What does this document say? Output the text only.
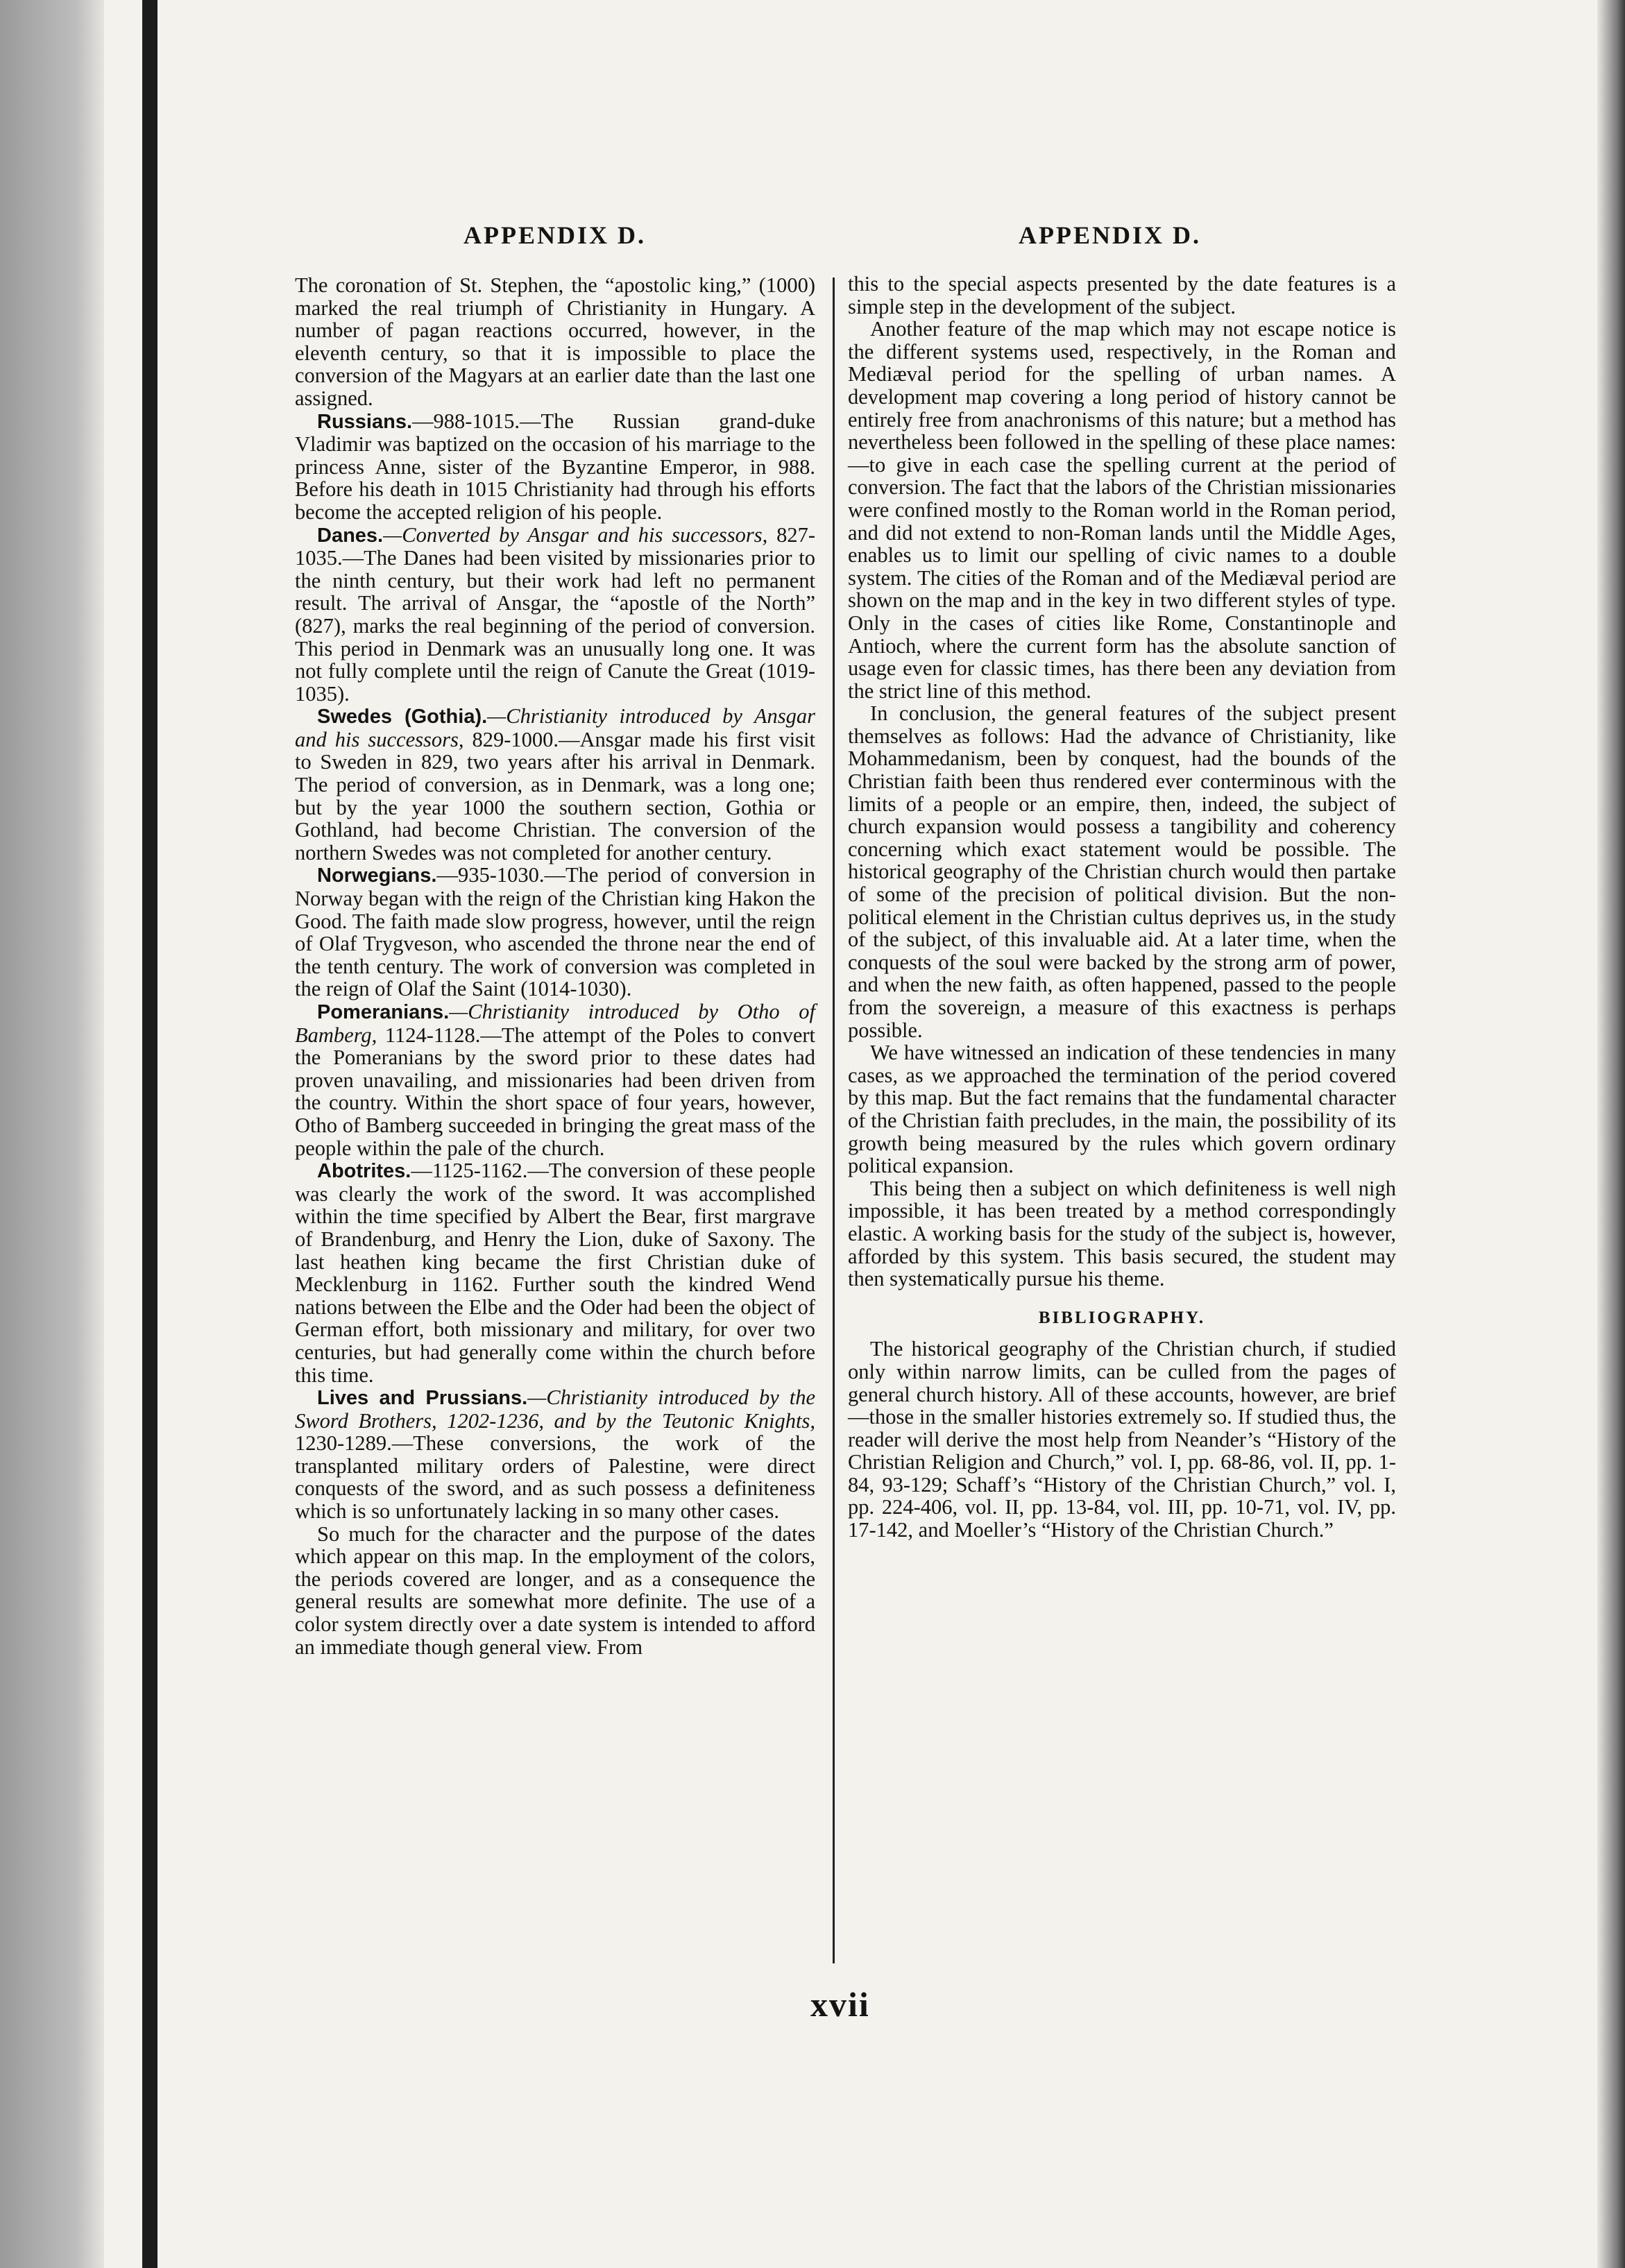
APPENDIX D.	APPENDIX D.

The coronation of St. Stephen, the “apostolic king,” (1000) marked the real triumph of Christianity in Hungary. A number of pagan reactions occurred, however, in the eleventh century, so that it is impossible to place the conversion of the Magyars at an earlier date than the last one assigned.

Russians.—988-1015.—The Russian grand-duke Vladimir was baptized on the occasion of his marriage to the princess Anne, sister of the Byzantine Emperor, in 988. Before his death in 1015 Christianity had through his efforts become the accepted religion of his people.

Danes.—Converted by Ansgar and his successors, 827-1035.—The Danes had been visited by missionaries prior to the ninth century, but their work had left no permanent result. The arrival of Ansgar, the “apostle of the North” (827), marks the real beginning of the period of conversion. This period in Denmark was an unusually long one. It was not fully complete until the reign of Canute the Great (1019-1035).

Swedes (Gothia).—Christianity introduced by Ansgar and his successors, 829-1000.—Ansgar made his first visit to Sweden in 829, two years after his arrival in Denmark. The period of conversion, as in Denmark, was a long one; but by the year 1000 the southern section, Gothia or Gothland, had become Christian. The conversion of the northern Swedes was not completed for another century.

Norwegians.—935-1030.—The period of conversion in Norway began with the reign of the Christian king Hakon the Good. The faith made slow progress, however, until the reign of Olaf Trygveson, who ascended the throne near the end of the tenth century. The work of conversion was completed in the reign of Olaf the Saint (1014-1030).

Pomeranians.—Christianity introduced by Otho of Bamberg, 1124-1128.—The attempt of the Poles to convert the Pomeranians by the sword prior to these dates had proven unavailing, and missionaries had been driven from the country. Within the short space of four years, however, Otho of Bamberg succeeded in bringing the great mass of the people within the pale of the church.

Abotrites.—1125-1162.—The conversion of these people was clearly the work of the sword. It was accomplished within the time specified by Albert the Bear, first margrave of Brandenburg, and Henry the Lion, duke of Saxony. The last heathen king became the first Christian duke of Mecklenburg in 1162. Further south the kindred Wend nations between the Elbe and the Oder had been the object of German effort, both missionary and military, for over two centuries, but had generally come within the church before this time.

Lives and Prussians.—Christianity introduced by the Sword Brothers, 1202-1236, and by the Teutonic Knights, 1230-1289.—These conversions, the work of the transplanted military orders of Palestine, were direct conquests of the sword, and as such possess a definiteness which is so unfortunately lacking in so many other cases.

So much for the character and the purpose of the dates which appear on this map. In the employment of the colors, the periods covered are longer, and as a consequence the general results are somewhat more definite. The use of a color system directly over a date system is intended to afford an immediate though general view. From

this to the special aspects presented by the date features is a simple step in the development of the subject.

Another feature of the map which may not escape notice is the different systems used, respectively, in the Roman and Mediæval period for the spelling of urban names. A development map covering a long period of history cannot be entirely free from anachronisms of this nature; but a method has nevertheless been followed in the spelling of these place names:—to give in each case the spelling current at the period of conversion. The fact that the labors of the Christian missionaries were confined mostly to the Roman world in the Roman period, and did not extend to non-Roman lands until the Middle Ages, enables us to limit our spelling of civic names to a double system. The cities of the Roman and of the Mediæval period are shown on the map and in the key in two different styles of type. Only in the cases of cities like Rome, Constantinople and Antioch, where the current form has the absolute sanction of usage even for classic times, has there been any deviation from the strict line of this method.

In conclusion, the general features of the subject present themselves as follows: Had the advance of Christianity, like Mohammedanism, been by conquest, had the bounds of the Christian faith been thus rendered ever conterminous with the limits of a people or an empire, then, indeed, the subject of church expansion would possess a tangibility and coherency concerning which exact statement would be possible. The historical geography of the Christian church would then partake of some of the precision of political division. But the non-political element in the Christian cultus deprives us, in the study of the subject, of this invaluable aid. At a later time, when the conquests of the soul were backed by the strong arm of power, and when the new faith, as often happened, passed to the people from the sovereign, a measure of this exactness is perhaps possible.

We have witnessed an indication of these tendencies in many cases, as we approached the termination of the period covered by this map. But the fact remains that the fundamental character of the Christian faith precludes, in the main, the possibility of its growth being measured by the rules which govern ordinary political expansion.

This being then a subject on which definiteness is well nigh impossible, it has been treated by a method correspondingly elastic. A working basis for the study of the subject is, however, afforded by this system. This basis secured, the student may then systematically pursue his theme.

BIBLIOGRAPHY.

The historical geography of the Christian church, if studied only within narrow limits, can be culled from the pages of general church history. All of these accounts, however, are brief—those in the smaller histories extremely so. If studied thus, the reader will derive the most help from Neander’s “History of the Christian Religion and Church,” vol. I, pp. 68-86, vol. II, pp. 1-84, 93-129; Schaff’s “History of the Christian Church,” vol. I, pp. 224-406, vol. II, pp. 13-84, vol. III, pp. 10-71, vol. IV, pp. 17-142, and Moeller’s “History of the Christian Church.”

xvii
